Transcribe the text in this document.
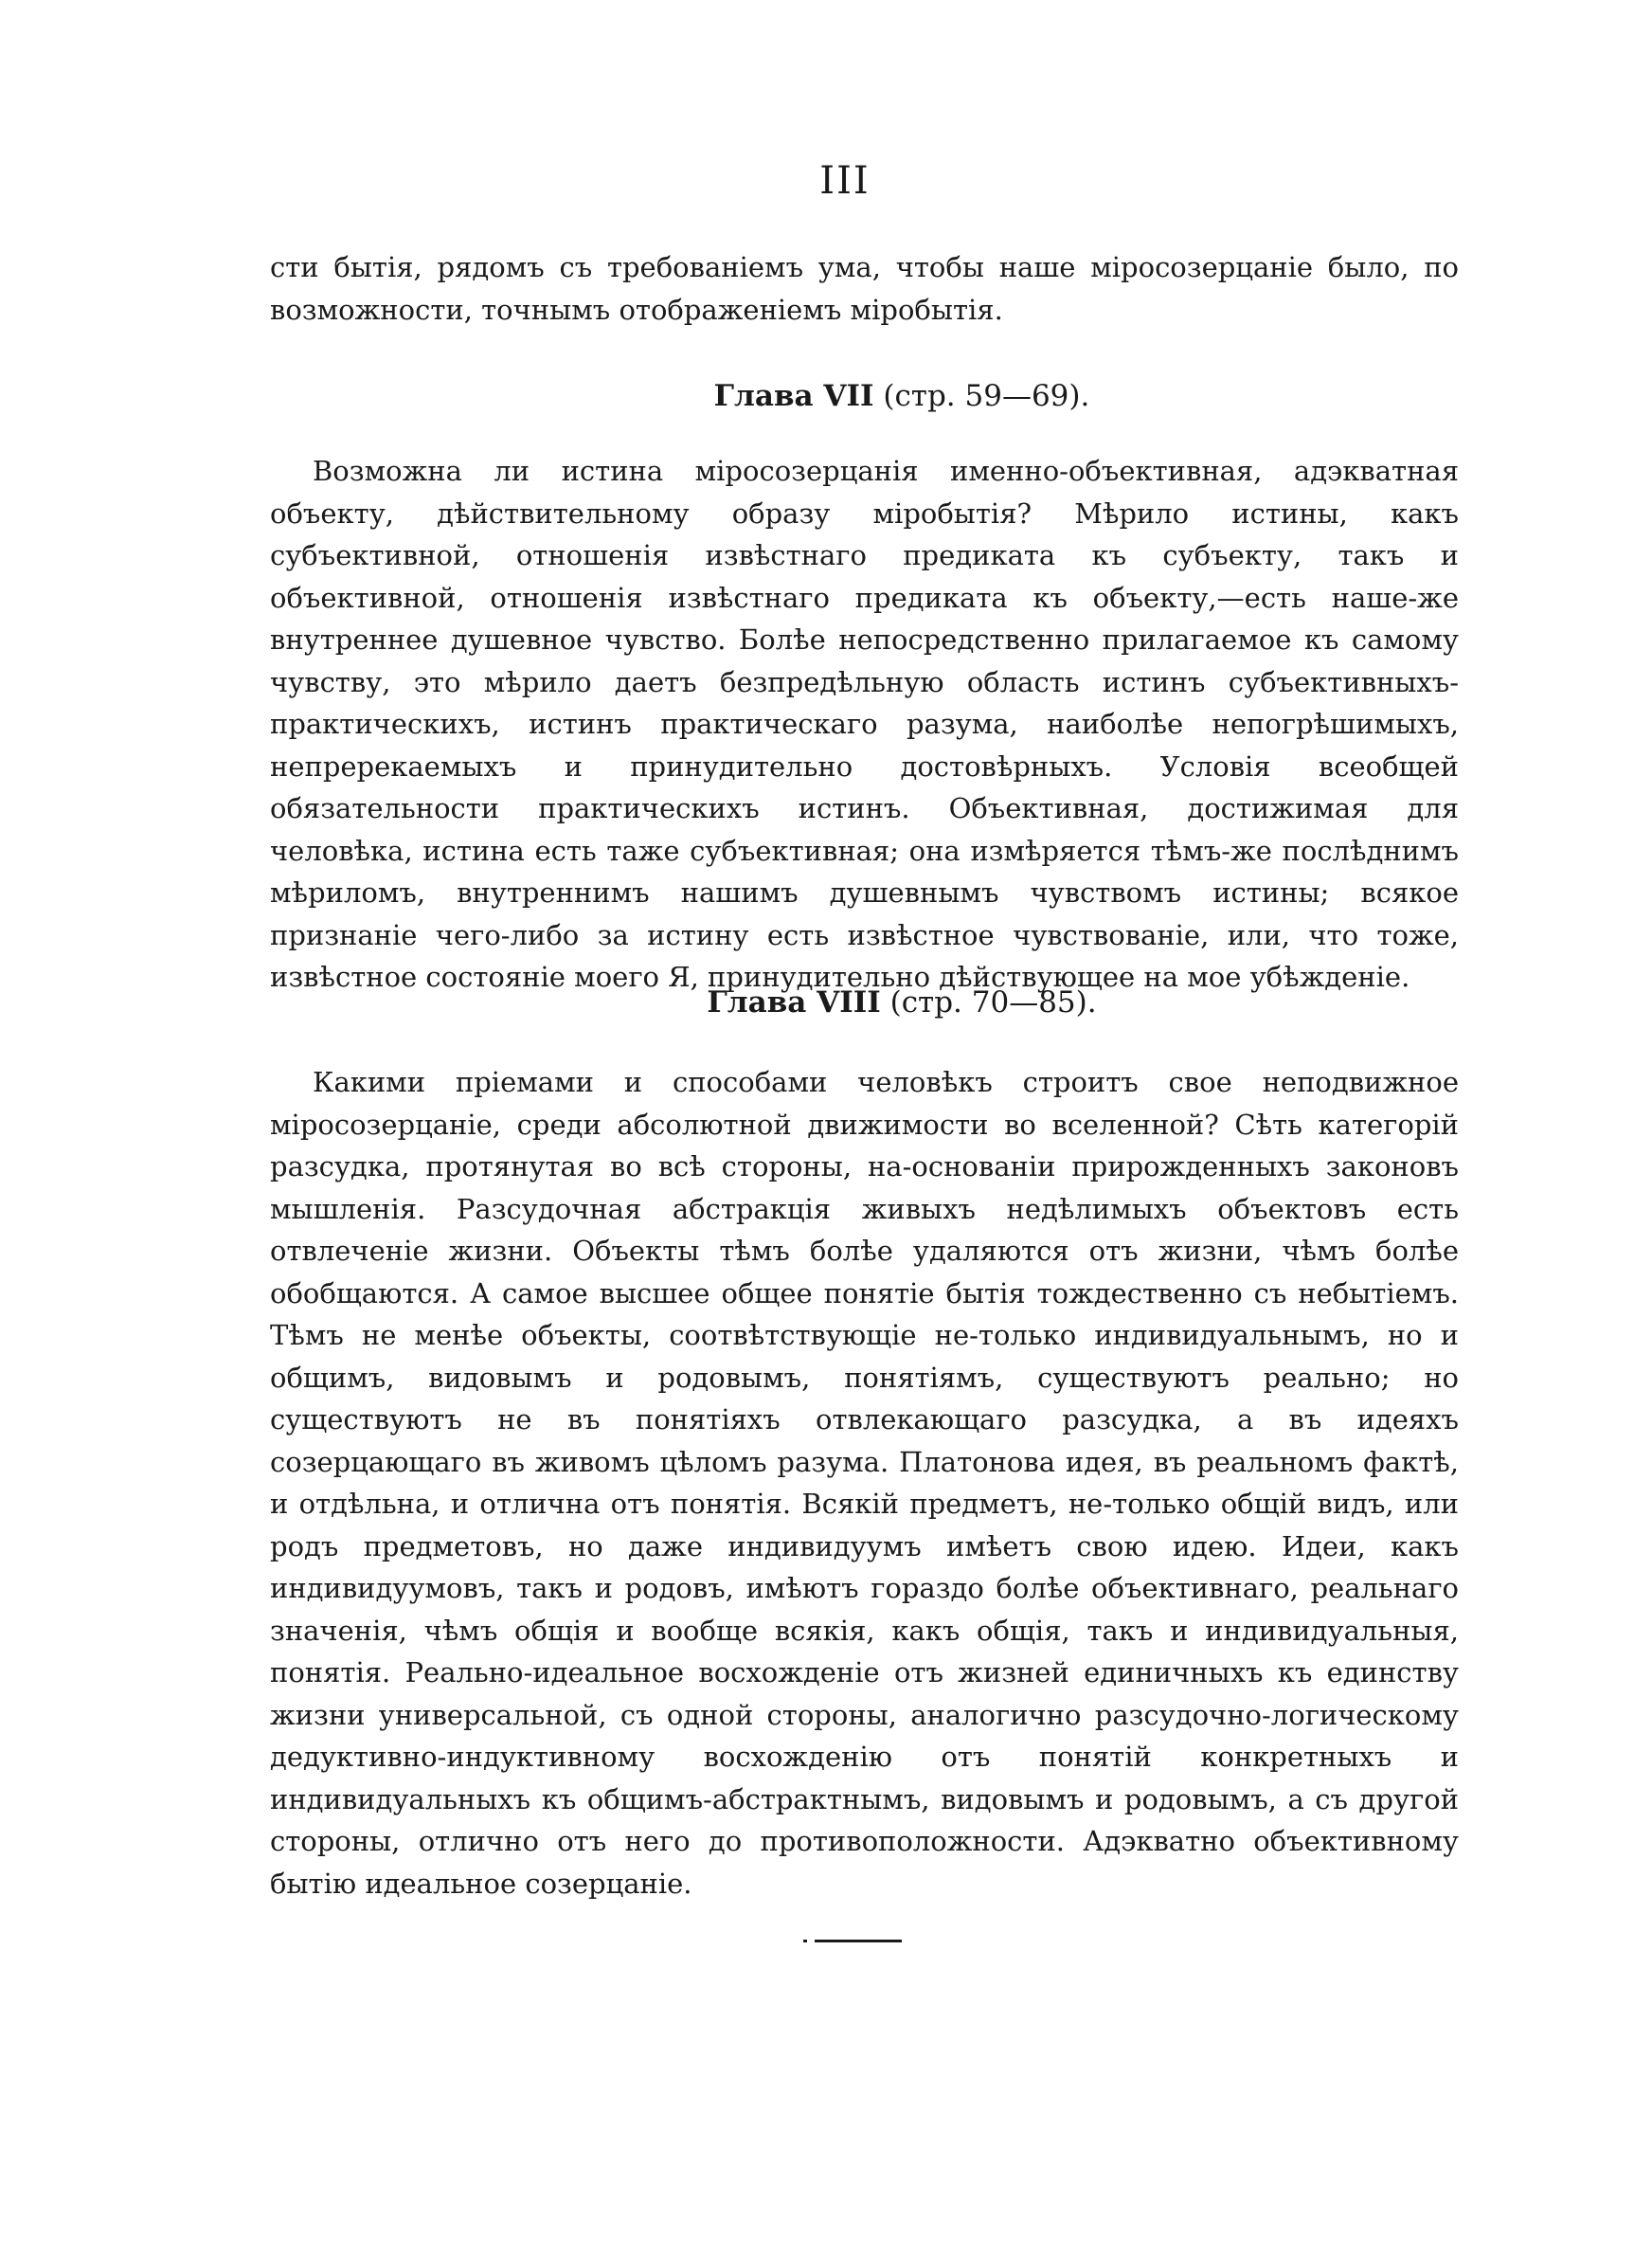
III

сти бытія, рядомъ съ требованіемъ ума, чтобы наше міросозерцаніе было, по возможности, точнымъ отображеніемъ міробытія.

Глава VII (стр. 59—69).

Возможна ли истина міросозерцанія именно-объективная, адэкватная объекту, дѣйствительному образу міробытія? Мѣрило истины, какъ субъективной, отношенія извѣстнаго предиката къ субъекту, такъ и объективной, отношенія извѣстнаго предиката къ объекту,—есть наше-же внутреннее душевное чувство. Болѣе непосредственно прилагаемое къ самому чувству, это мѣрило даетъ безпредѣльную область истинъ субъективныхъ-практическихъ, истинъ практическаго разума, наиболѣе непогрѣшимыхъ, непререкаемыхъ и принудительно достовѣрныхъ. Условія всеобщей обязательности практическихъ истинъ. Объективная, достижимая для человѣка, истина есть таже субъективная; она измѣряется тѣмъ-же послѣднимъ мѣриломъ, внутреннимъ нашимъ душевнымъ чувствомъ истины; всякое признаніе чего-либо за истину есть извѣстное чувствованіе, или, что тоже, извѣстное состояніе моего Я, принудительно дѣйствующее на мое убѣжденіе.

Глава VIII (стр. 70—85).

Какими пріемами и способами человѣкъ строитъ свое неподвижное міросозерцаніе, среди абсолютной движимости во вселенной? Сѣть категорій разсудка, протянутая во всѣ стороны, на-основаніи прирожденныхъ законовъ мышленія. Разсудочная абстракція живыхъ недѣлимыхъ объектовъ есть отвлеченіе жизни. Объекты тѣмъ болѣе удаляются отъ жизни, чѣмъ болѣе обобщаются. А самое высшее общее понятіе бытія тождественно съ небытіемъ. Тѣмъ не менѣе объекты, соотвѣтствующіе не-только индивидуальнымъ, но и общимъ, видовымъ и родовымъ, понятіямъ, существуютъ реально; но существуютъ не въ понятіяхъ отвлекающаго разсудка, а въ идеяхъ созерцающаго въ живомъ цѣломъ разума. Платонова идея, въ реальномъ фактѣ, и отдѣльна, и отлична отъ понятія. Всякій предметъ, не-только общій видъ, или родъ предметовъ, но даже индивидуумъ имѣетъ свою идею. Идеи, какъ индивидуумовъ, такъ и родовъ, имѣютъ гораздо болѣе объективнаго, реальнаго значенія, чѣмъ общія и вообще всякія, какъ общія, такъ и индивидуальныя, понятія. Реально-идеальное восхожденіе отъ жизней единичныхъ къ единству жизни универсальной, съ одной стороны, аналогично разсудочно-логическому дедуктивно-индуктивному восхожденію отъ понятій конкретныхъ и индивидуальныхъ къ общимъ-абстрактнымъ, видовымъ и родовымъ, а съ другой стороны, отлично отъ него до противоположности. Адэкватно объективному бытію идеальное созерцаніе.
